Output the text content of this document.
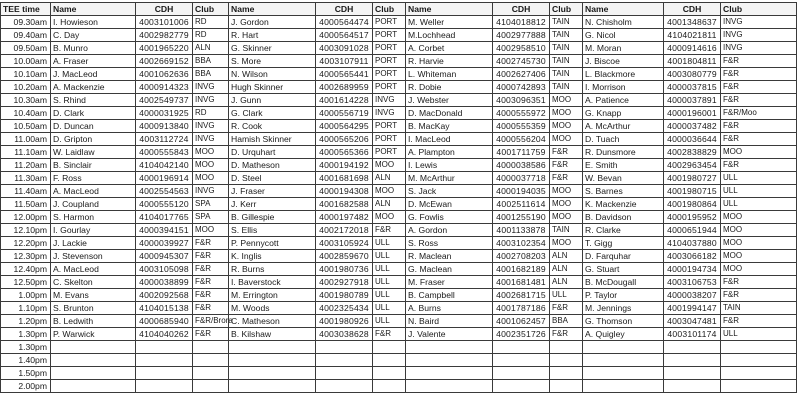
TEE time	Name	CDH	Club	Name	CDH	Club	Name	CDH	Club	Name	CDH	Club
09.30am	I. Howieson	4003101006	RD	J. Gordon	4000564474	PORT	M. Weller	4104018812	TAIN	N. Chisholm	4001348637	INVG
09.40am	C. Day	4002982779	RD	R. Hart	4000564517	PORT	M.Lochhead	4002977888	TAIN	G. Nicol	4104021811	INVG
09.50am	B. Munro	4001965220	ALN	G. Skinner	4003091028	PORT	A. Corbet	4002958510	TAIN	M. Moran	4000914616	INVG
10.00am	A. Fraser	4002669152	BBA	S. More	4003107911	PORT	R. Harvie	4002745730	TAIN	J. Biscoe	4001804811	F&R
10.10am	J. MacLeod	4001062636	BBA	N. Wilson	4000565441	PORT	L. Whiteman	4002627406	TAIN	L. Blackmore	4003080779	F&R
10.20am	A. Mackenzie	4000914323	INVG	Hugh Skinner	4002689959	PORT	R. Dobie	4000742893	TAIN	I. Morrison	4000037815	F&R
10.30am	S. Rhind	4002549737	INVG	J. Gunn	4001614228	INVG	J. Webster	4003096351	MOO	A. Patience	4000037891	F&R
10.40am	D. Clark	4000031925	RD	G. Clark	4000556719	INVG	D. MacDonald	4000555972	MOO	G. Knapp	4000196001	F&R/Moo
10.50am	D. Duncan	4000913840	INVG	R. Cook	4000564295	PORT	B. MacKay	4000555359	MOO	A. McArthur	4000037482	F&R
11.00am	D. Gripton	4003112724	INVG	Hamish Skinner	4000565206	PORT	I. MacLeod	4000556204	MOO	D. Tuach	4000036644	F&R
11.10am	W. Laidlaw	4000555843	MOO	D. Urquhart	4000565366	PORT	A. Plampton	4001711759	F&R	R. Dunsmore	4002838829	MOO
11.20am	B. Sinclair	4104042140	MOO	D. Matheson	4000194192	MOO	I. Lewis	4000038586	F&R	E. Smith	4002963454	F&R
11.30am	F. Ross	4000196914	MOO	D. Steel	4001681698	ALN	M. McArthur	4000037718	F&R	W. Bevan	4001980727	ULL
11.40am	A. MacLeod	4002554563	INVG	J. Fraser	4000194308	MOO	S. Jack	4000194035	MOO	S. Barnes	4001980715	ULL
11.50am	J. Coupland	4000555120	SPA	J. Kerr	4001682588	ALN	D. McEwan	4002511614	MOO	K. Mackenzie	4001980864	ULL
12.00pm	S. Harmon	4104017765	SPA	B. Gillespie	4000197482	MOO	G. Fowlis	4001255190	MOO	B. Davidson	4000195952	MOO
12.10pm	I. Gourlay	4000394151	MOO	S. Ellis	4002172018	F&R	A. Gordon	4001133878	TAIN	R. Clarke	4000651944	MOO
12.20pm	J. Lackie	4000039927	F&R	P. Pennycott	4003105924	ULL	S. Ross	4003102354	MOO	T. Gigg	4104037880	MOO
12.30pm	J. Stevenson	4000945307	F&R	K. Inglis	4002859670	ULL	R. Maclean	4002708203	ALN	D. Farquhar	4003066182	MOO
12.40pm	A. MacLeod	4003105098	F&R	R. Burns	4001980736	ULL	G. Maclean	4001682189	ALN	G. Stuart	4000194734	MOO
12.50pm	C. Skelton	4000038899	F&R	I. Baverstock	4002927918	ULL	M. Fraser	4001681481	ALN	B. McDougall	4003106753	F&R
1.00pm	M. Evans	4002092568	F&R	M. Errington	4001980789	ULL	B. Campbell	4002681715	ULL	P. Taylor	4000038207	F&R
1.10pm	S. Brunton	4104015138	F&R	M. Woods	4002325434	ULL	A. Burns	4001787186	F&R	M. Jennings	4001994147	TAIN
1.20pm	B. Ledwith	4000685940	F&R/Brora	C. Matheson	4001980926	ULL	N. Baird	4001062457	BBA	G. Thomson	4003047481	F&R
1.30pm	P. Warwick	4104040262	F&R	B. Kilshaw	4003038628	F&R	J. Valente	4002351726	F&R	A. Quigley	4003101174	ULL
1.30pm												
1.40pm												
1.50pm												
2.00pm												
